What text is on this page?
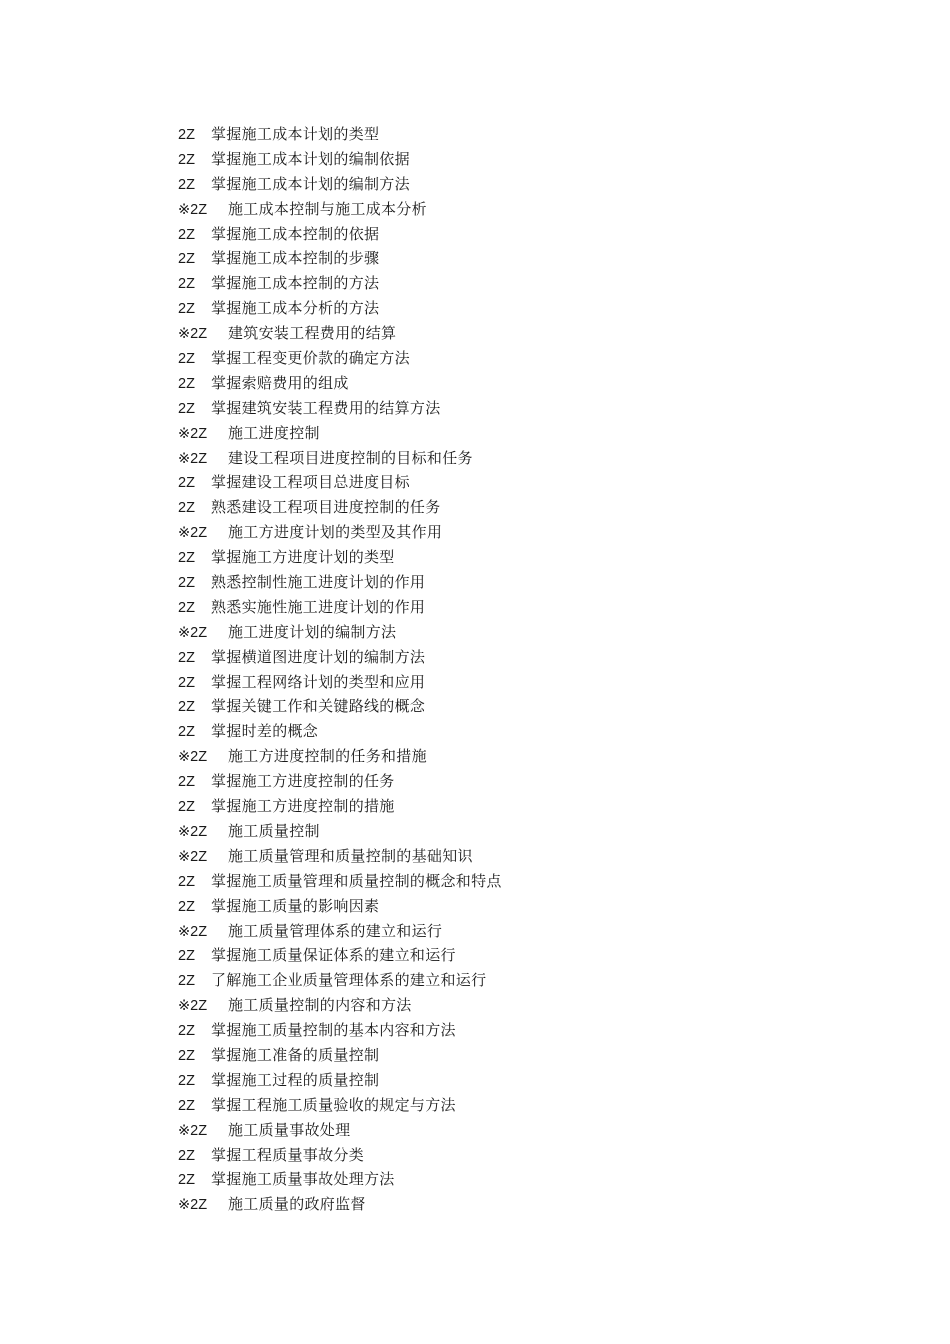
2Z 掌握施工成本计划的类型
2Z 掌握施工成本计划的编制依据
2Z 掌握施工成本计划的编制方法
※2Z 施工成本控制与施工成本分析
2Z 掌握施工成本控制的依据
2Z 掌握施工成本控制的步骤
2Z 掌握施工成本控制的方法
2Z 掌握施工成本分析的方法
※2Z 建筑安装工程费用的结算
2Z 掌握工程变更价款的确定方法
2Z 掌握索赔费用的组成
2Z 掌握建筑安装工程费用的结算方法
※2Z 施工进度控制
※2Z 建设工程项目进度控制的目标和任务
2Z 掌握建设工程项目总进度目标
2Z 熟悉建设工程项目进度控制的任务
※2Z 施工方进度计划的类型及其作用
2Z 掌握施工方进度计划的类型
2Z 熟悉控制性施工进度计划的作用
2Z 熟悉实施性施工进度计划的作用
※2Z 施工进度计划的编制方法
2Z 掌握横道图进度计划的编制方法
2Z 掌握工程网络计划的类型和应用
2Z 掌握关键工作和关键路线的概念
2Z 掌握时差的概念
※2Z 施工方进度控制的任务和措施
2Z 掌握施工方进度控制的任务
2Z 掌握施工方进度控制的措施
※2Z 施工质量控制
※2Z 施工质量管理和质量控制的基础知识
2Z 掌握施工质量管理和质量控制的概念和特点
2Z 掌握施工质量的影响因素
※2Z 施工质量管理体系的建立和运行
2Z 掌握施工质量保证体系的建立和运行
2Z 了解施工企业质量管理体系的建立和运行
※2Z 施工质量控制的内容和方法
2Z 掌握施工质量控制的基本内容和方法
2Z 掌握施工准备的质量控制
2Z 掌握施工过程的质量控制
2Z 掌握工程施工质量验收的规定与方法
※2Z 施工质量事故处理
2Z 掌握工程质量事故分类
2Z 掌握施工质量事故处理方法
※2Z 施工质量的政府监督
